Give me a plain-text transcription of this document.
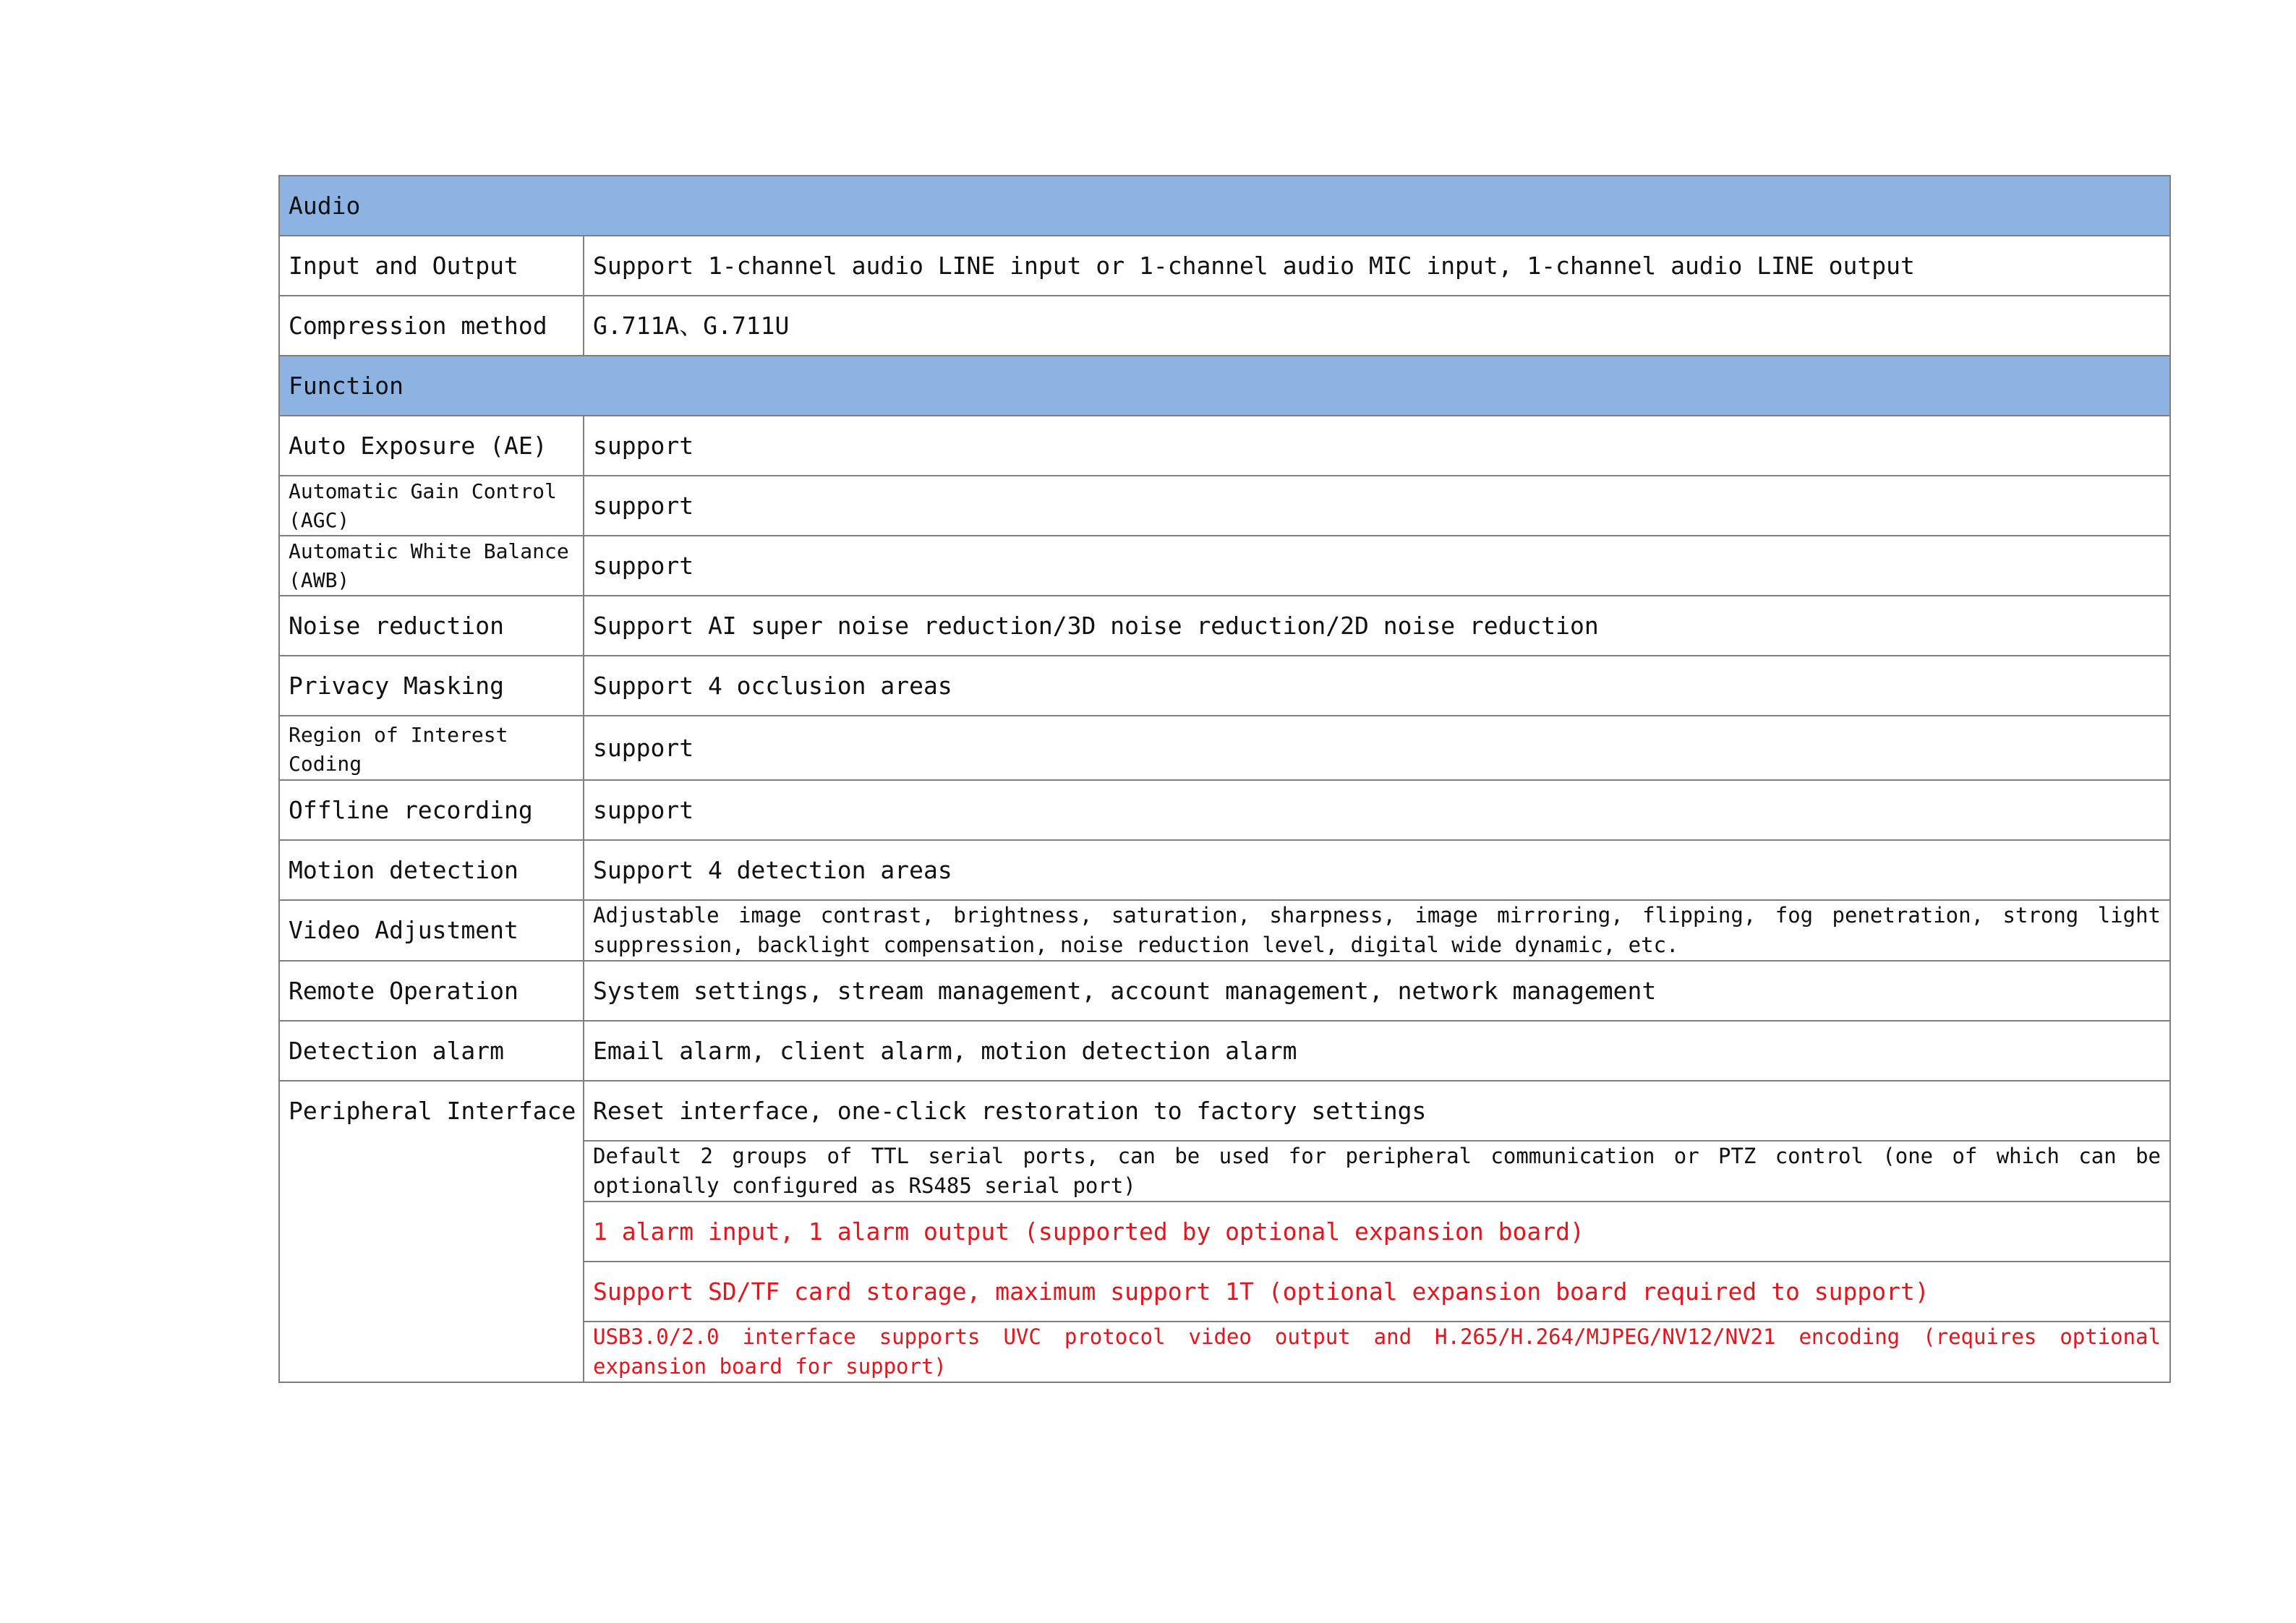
Audio	
Input and Output	Support 1-channel audio LINE input or 1-channel audio MIC input, 1-channel audio LINE output
Compression method	G.711A、G.711U
Function	
Auto Exposure (AE)	support
Automatic Gain Control (AGC)	support
Automatic White Balance (AWB)	support
Noise reduction	Support AI super noise reduction/3D noise reduction/2D noise reduction
Privacy Masking	Support 4 occlusion areas
Region of Interest Coding	support
Offline recording	support
Motion detection	Support 4 detection areas
Video Adjustment	Adjustable image contrast, brightness, saturation, sharpness, image mirroring, flipping, fog penetration, strong light suppression, backlight compensation, noise reduction level, digital wide dynamic, etc.
Remote Operation	System settings, stream management, account management, network management
Detection alarm	Email alarm, client alarm, motion detection alarm
Peripheral Interface	Reset interface, one-click restoration to factory settings
	Default 2 groups of TTL serial ports, can be used for peripheral communication or PTZ control (one of which can be optionally configured as RS485 serial port)
	1 alarm input, 1 alarm output (supported by optional expansion board)
	Support SD/TF card storage, maximum support 1T (optional expansion board required to support)
	USB3.0/2.0 interface supports UVC protocol video output and H.265/H.264/MJPEG/NV12/NV21 encoding (requires optional expansion board for support)
